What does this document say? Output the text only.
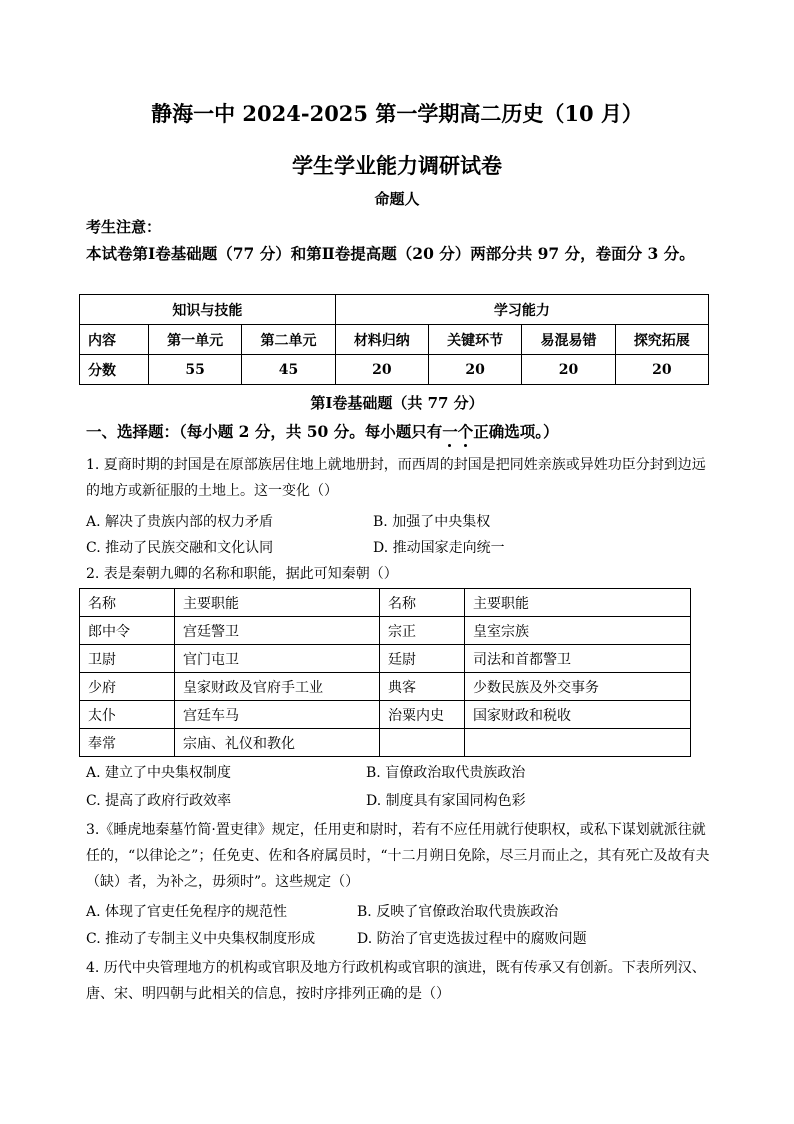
静海一中 2024-2025 第一学期高二历史（10 月）
学生学业能力调研试卷
命题人
考生注意：
本试卷第Ⅰ卷基础题（77 分）和第Ⅱ卷提高题（20 分）两部分共 97 分，卷面分 3 分。
知识与技能			学习能力			
内容	第一单元	第二单元	材料归纳	关键环节	易混易错	探究拓展
分数	55	45	20	20	20	20
第Ⅰ卷基础题（共 77 分）
一、选择题：（每小题 2 分，共 50 分。每小题只有一个正确选项。）
1. 夏商时期的封国是在原部族居住地上就地册封，而西周的封国是把同姓亲族或异姓功臣分封到边远的地方或新征服的土地上。这一变化（）
A. 解决了贵族内部的权力矛盾	B. 加强了中央集权
C. 推动了民族交融和文化认同	D. 推动国家走向统一
2. 表是秦朝九卿的名称和职能，据此可知秦朝（）
名称	主要职能	名称	主要职能
郎中令	宫廷警卫	宗正	皇室宗族
卫尉	官门屯卫	廷尉	司法和首都警卫
少府	皇家财政及官府手工业	典客	少数民族及外交事务
太仆	宫廷车马	治粟内史	国家财政和税收
奉常	宗庙、礼仪和教化		
A. 建立了中央集权制度	B. 盲僚政治取代贵族政治
C. 提高了政府行政效率	D. 制度具有家国同构色彩
3.《睡虎地秦墓竹简·置吏律》规定，任用吏和尉时，若有不应任用就行使职权，或私下谋划就派往就任的，“以律论之”；任免吏、佐和各府属员时，“十二月朔日免除，尽三月而止之，其有死亡及故有夬（缺）者，为补之，毋须时”。这些规定（）
A. 体现了官吏任免程序的规范性	B. 反映了官僚政治取代贵族政治
C. 推动了专制主义中央集权制度形成	D. 防治了官吏选拔过程中的腐败问题
4. 历代中央管理地方的机构或官职及地方行政机构或官职的演进，既有传承又有创新。下表所列汉、唐、宋、明四朝与此相关的信息，按时序排列正确的是（）
